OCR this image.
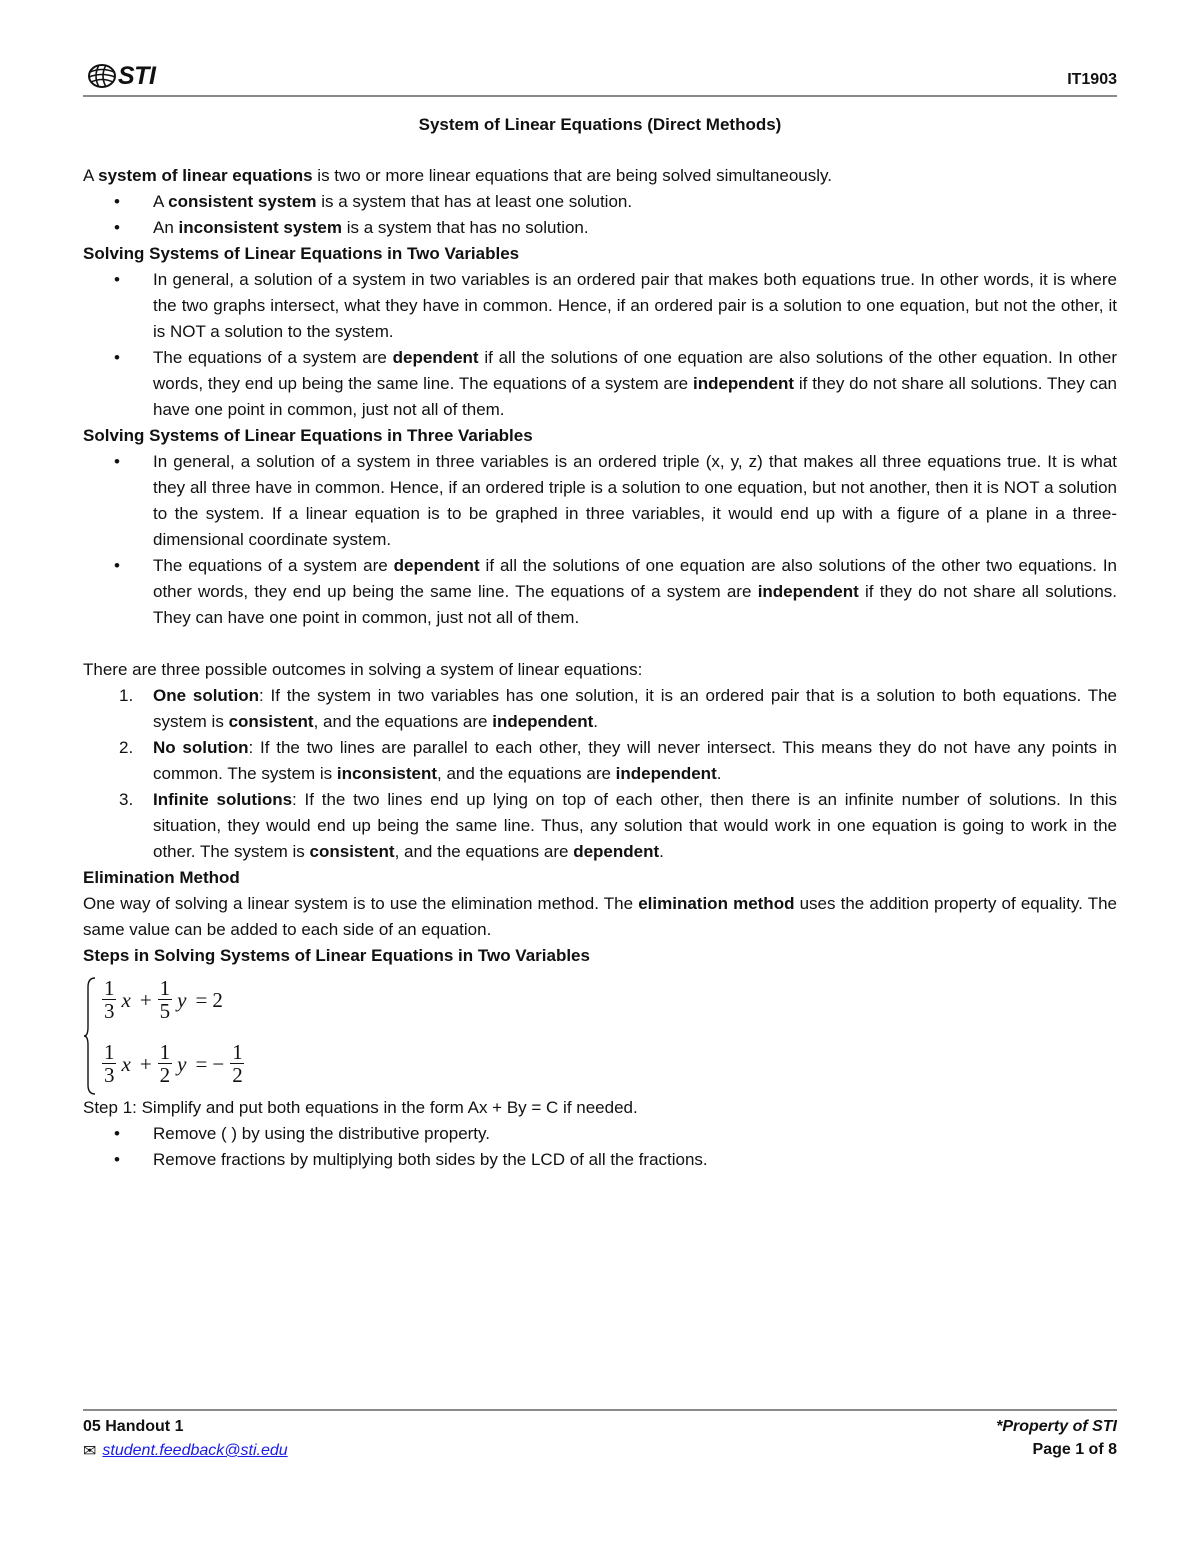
STI	IT1903
System of Linear Equations (Direct Methods)

A system of linear equations is two or more linear equations that are being solved simultaneously.

• A consistent system is a system that has at least one solution.
• An inconsistent system is a system that has no solution.

Solving Systems of Linear Equations in Two Variables

• In general, a solution of a system in two variables is an ordered pair that makes both equations true. In other words, it is where the two graphs intersect, what they have in common. Hence, if an ordered pair is a solution to one equation, but not the other, it is NOT a solution to the system.
• The equations of a system are dependent if all the solutions of one equation are also solutions of the other equation. In other words, they end up being the same line. The equations of a system are independent if they do not share all solutions. They can have one point in common, just not all of them.

Solving Systems of Linear Equations in Three Variables

• In general, a solution of a system in three variables is an ordered triple (x, y, z) that makes all three equations true. It is what they all three have in common. Hence, if an ordered triple is a solution to one equation, but not another, then it is NOT a solution to the system. If a linear equation is to be graphed in three variables, it would end up with a figure of a plane in a three-dimensional coordinate system.
• The equations of a system are dependent if all the solutions of one equation are also solutions of the other two equations. In other words, they end up being the same line. The equations of a system are independent if they do not share all solutions. They can have one point in common, just not all of them.

There are three possible outcomes in solving a system of linear equations:

1. One solution: If the system in two variables has one solution, it is an ordered pair that is a solution to both equations. The system is consistent, and the equations are independent.
2. No solution: If the two lines are parallel to each other, they will never intersect. This means they do not have any points in common. The system is inconsistent, and the equations are independent.
3. Infinite solutions: If the two lines end up lying on top of each other, then there is an infinite number of solutions. In this situation, they would end up being the same line. Thus, any solution that would work in one equation is going to work in the other. The system is consistent, and the equations are dependent.

Elimination Method

One way of solving a linear system is to use the elimination method. The elimination method uses the addition property of equality. The same value can be added to each side of an equation.

Steps in Solving Systems of Linear Equations in Two Variables

$\frac{1}{3}$ $x + \frac{1}{5}$ y = 2
$\frac{1}{3}$ $x + \frac{1}{2}$ y = − $\frac{1}{2}$

Step 1: Simplify and put both equations in the form Ax + By = C if needed.

• Remove ( ) by using the distributive property.
• Remove fractions by multiplying both sides by the LCD of all the fractions.
05 Handout 1
✉ student.feedback@sti.edu
*Property of STI
Page 1 of 8
